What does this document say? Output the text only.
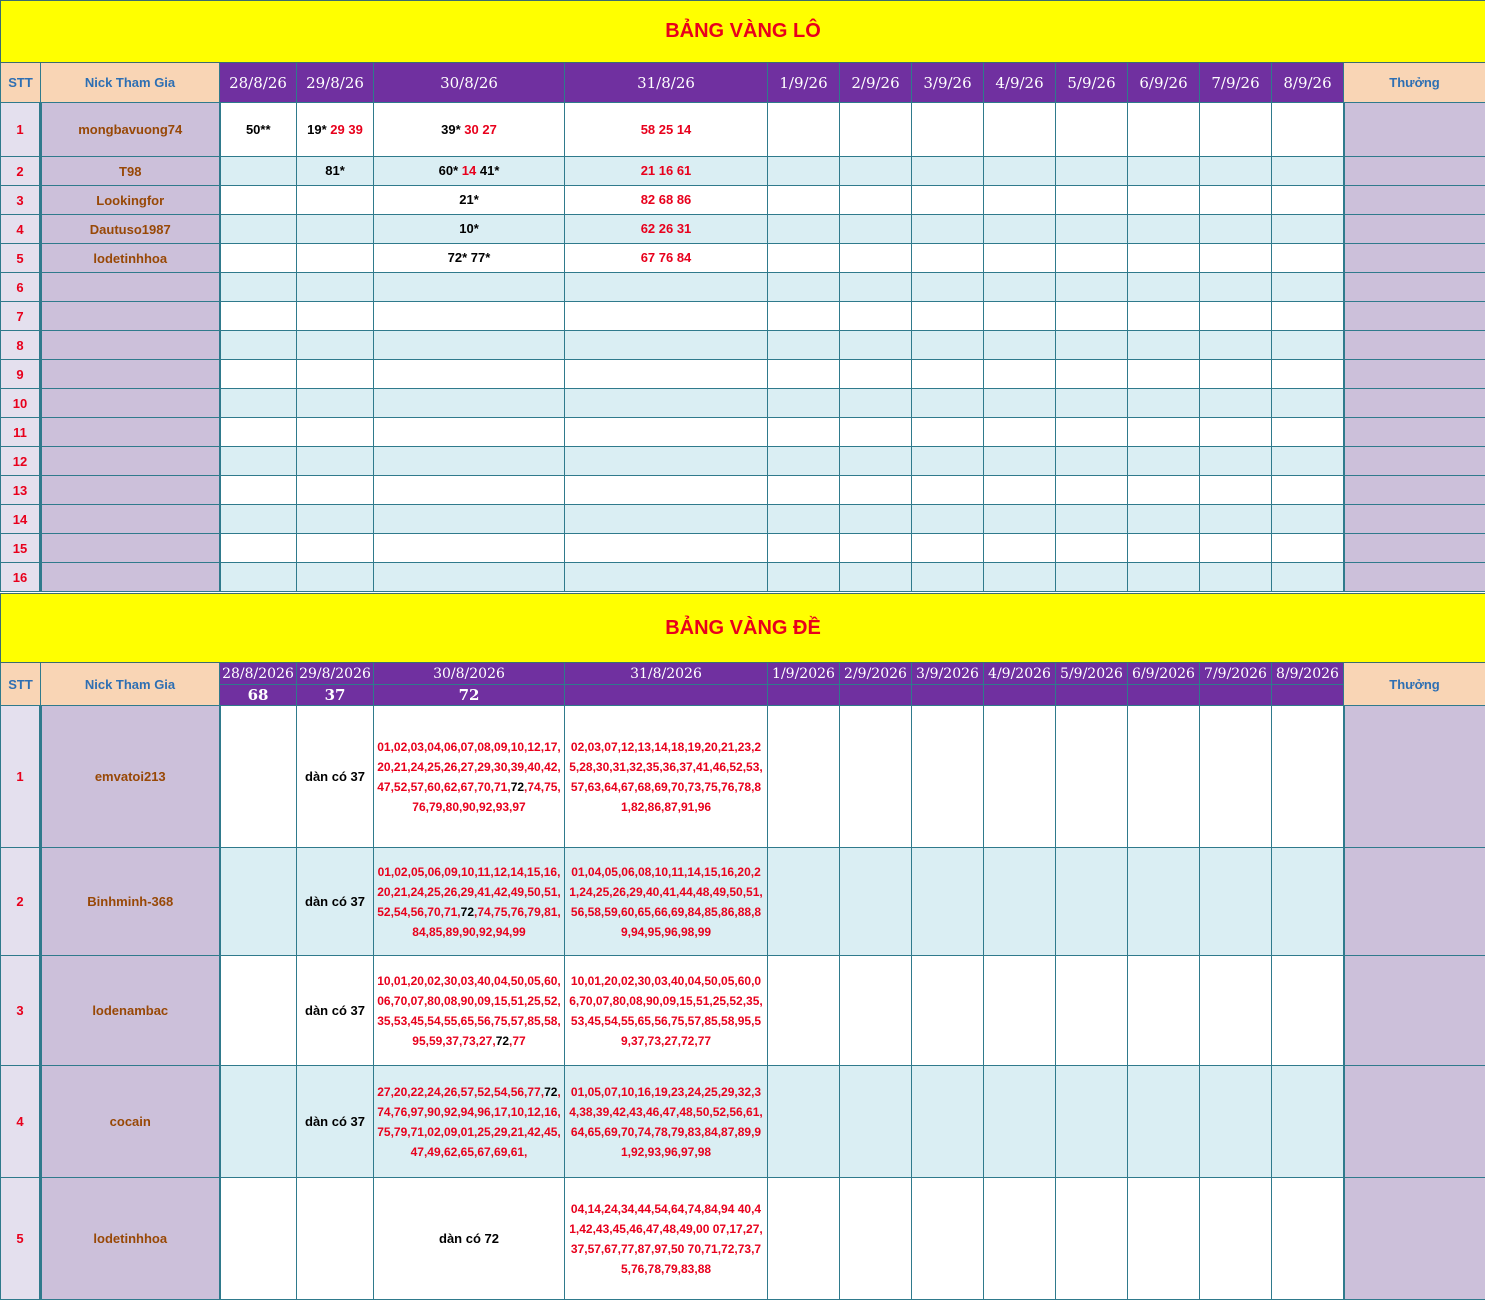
BẢNG VÀNG LÔ														
STT	Nick Tham Gia	28/8/26	29/8/26	30/8/26	31/8/26	1/9/26	2/9/26	3/9/26	4/9/26	5/9/26	6/9/26	7/9/26	8/9/26	Thưởng
1	mongbavuong74	50**	19* 29 39	39* 30 27	58 25 14									
2	T98		81*	60* 14 41*	21 16 61									
3	Lookingfor			21*	82 68 86									
4	Dautuso1987			10*	62 26 31									
5	lodetinhhoa			72* 77*	67 76 84									
6														
7														
8														
9														
10														
11														
12														
13														
14														
15														
16														
BẢNG VÀNG ĐỀ														
STT	Nick Tham Gia	28/8/2026	29/8/2026	30/8/2026	31/8/2026	1/9/2026	2/9/2026	3/9/2026	4/9/2026	5/9/2026	6/9/2026	7/9/2026	8/9/2026	Thưởng
		68	37	72										
1	emvatoi213		dàn có 37	01,02,03,04,06,07,08,09,10,12,17,20,21,24,25,26,27,29,30,39,40,42,47,52,57,60,62,67,70,71,72,74,75,76,79,80,90,92,93,97	02,03,07,12,13,14,18,19,20,21,23,25,28,30,31,32,35,36,37,41,46,52,53,57,63,64,67,68,69,70,73,75,76,78,81,82,86,87,91,96									
2	Binhminh-368		dàn có 37	01,02,05,06,09,10,11,12,14,15,16,20,21,24,25,26,29,41,42,49,50,51,52,54,56,70,71,72,74,75,76,79,81,84,85,89,90,92,94,99	01,04,05,06,08,10,11,14,15,16,20,21,24,25,26,29,40,41,44,48,49,50,51,56,58,59,60,65,66,69,84,85,86,88,89,94,95,96,98,99									
3	lodenambac		dàn có 37	10,01,20,02,30,03,40,04,50,05,60,06,70,07,80,08,90,09,15,51,25,52,35,53,45,54,55,65,56,75,57,85,58,95,59,37,73,27,72,77	10,01,20,02,30,03,40,04,50,05,60,06,70,07,80,08,90,09,15,51,25,52,35,53,45,54,55,65,56,75,57,85,58,95,59,37,73,27,72,77									
4	cocain		dàn có 37	27,20,22,24,26,57,52,54,56,77,72,74,76,97,90,92,94,96,17,10,12,16,75,79,71,02,09,01,25,29,21,42,45,47,49,62,65,67,69,61,	01,05,07,10,16,19,23,24,25,29,32,34,38,39,42,43,46,47,48,50,52,56,61,64,65,69,70,74,78,79,83,84,87,89,91,92,93,96,97,98									
5	lodetinhhoa			dàn có 72	04,14,24,34,44,54,64,74,84,94 40,41,42,43,45,46,47,48,49,00 07,17,27,37,57,67,77,87,97,50 70,71,72,73,75,76,78,79,83,88									
